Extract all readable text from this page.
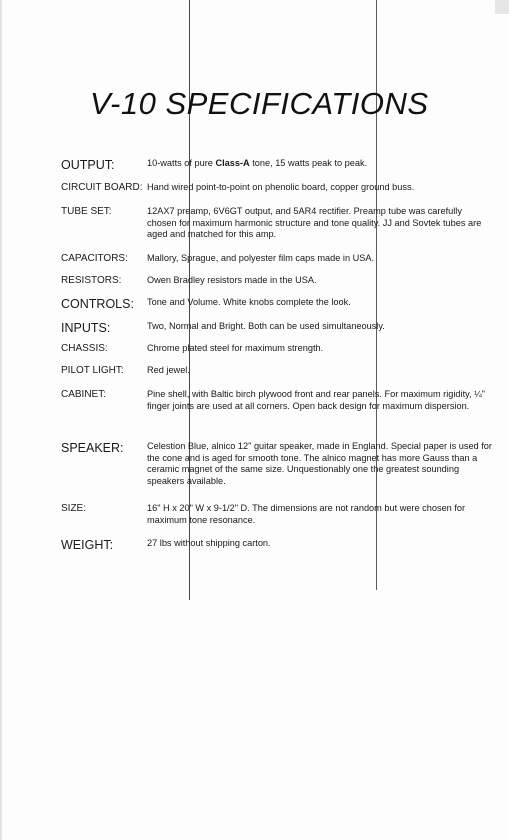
V-10 SPECIFICATIONS
OUTPUT:	10-watts of pure Class-A tone, 15 watts peak to peak.
CIRCUIT BOARD: Hand wired point-to-point on phenolic board, copper ground buss.
TUBE SET:	12AX7 preamp, 6V6GT output, and 5AR4 rectifier. Preamp tube was carefully chosen for maximum harmonic structure and tone quality. JJ and Sovtek tubes are aged and matched for this amp.
CAPACITORS:	Mallory, Sprague, and polyester film caps made in USA.
RESISTORS:	Owen Bradley resistors made in the USA.
CONTROLS:	Tone and Volume. White knobs complete the look.
INPUTS:	Two, Normal and Bright. Both can be used simultaneously.
CHASSIS:	Chrome plated steel for maximum strength.
PILOT LIGHT:	Red jewel.
CABINET:	Pine shell, with Baltic birch plywood front and rear panels. For maximum rigidity, ¼" finger joints are used at all corners. Open back design for maximum dispersion.
SPEAKER:	Celestion Blue, alnico 12" guitar speaker, made in England. Special paper is used for the cone and is aged for smooth tone. The alnico magnet has more Gauss than a ceramic magnet of the same size. Unquestionably one the greatest sounding speakers available.
SIZE:	16" H x 20" W x 9-1/2" D. The dimensions are not random but were chosen for maximum tone resonance.
WEIGHT:	27 lbs without shipping carton.
